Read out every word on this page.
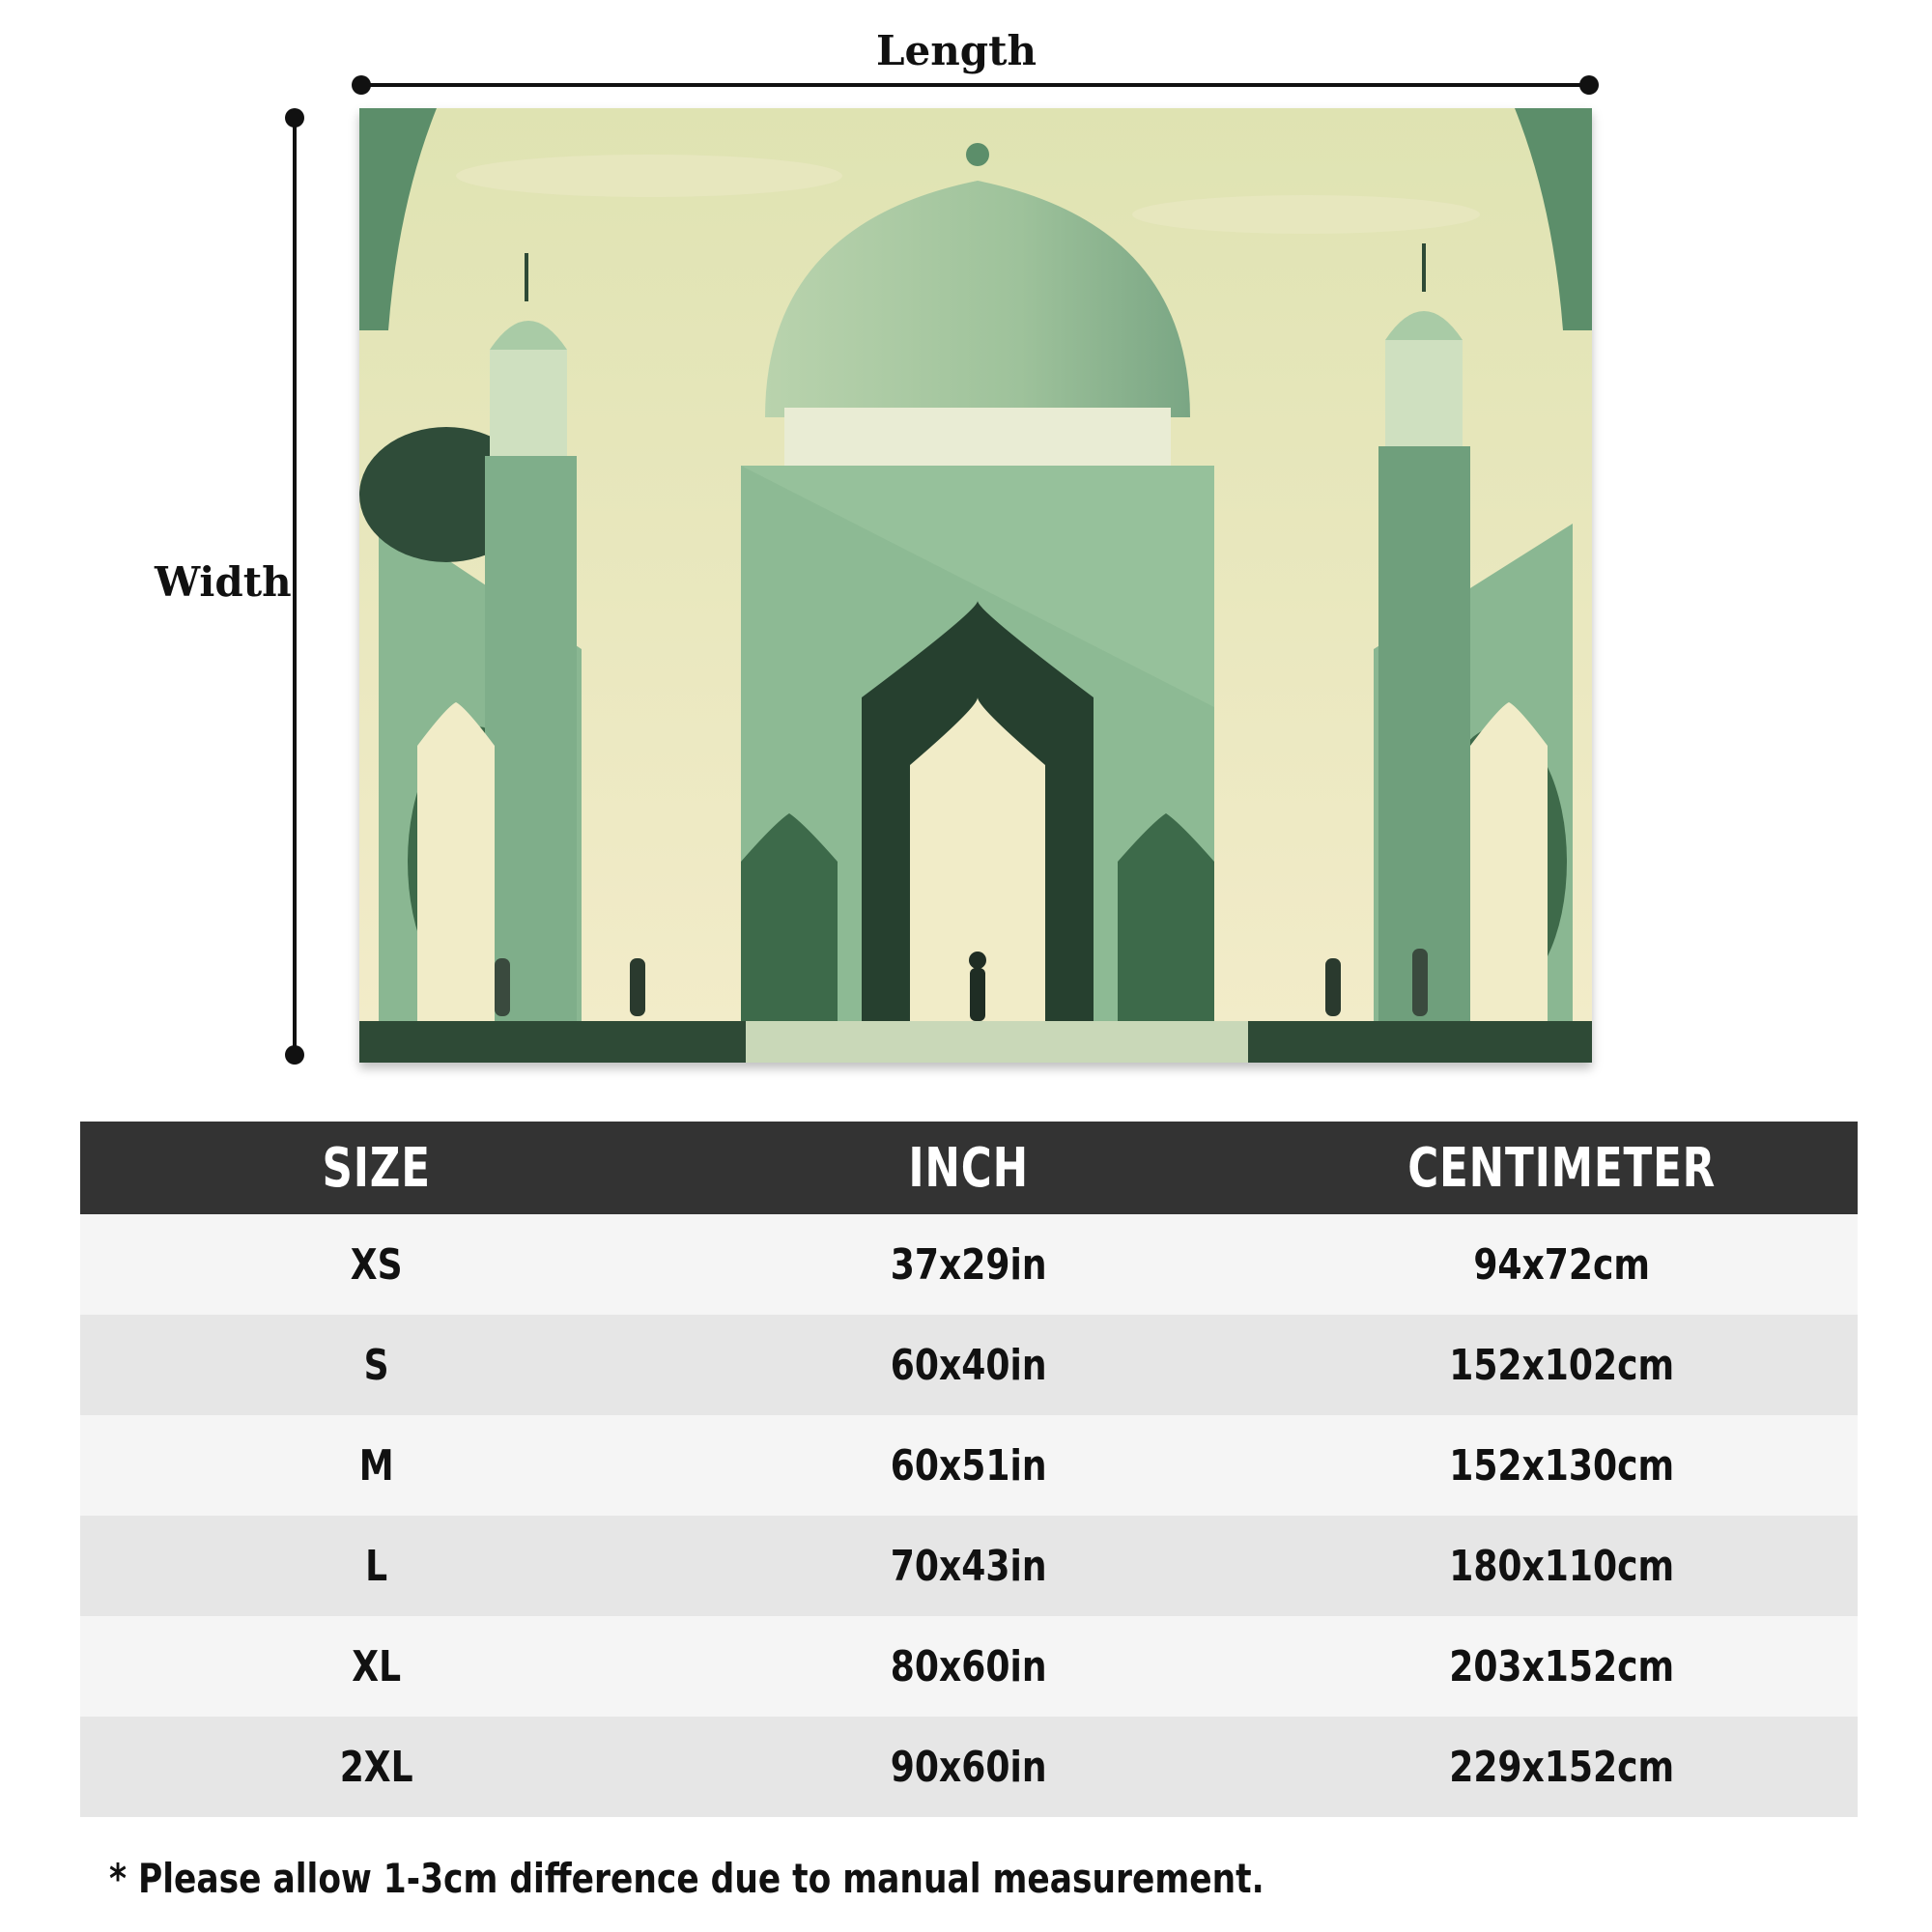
Length
Width
SIZE	INCH	CENTIMETER
XS	37x29in	94x72cm
S	60x40in	152x102cm
M	60x51in	152x130cm
L	70x43in	180x110cm
XL	80x60in	203x152cm
2XL	90x60in	229x152cm
* Please allow 1-3cm difference due to manual measurement.
